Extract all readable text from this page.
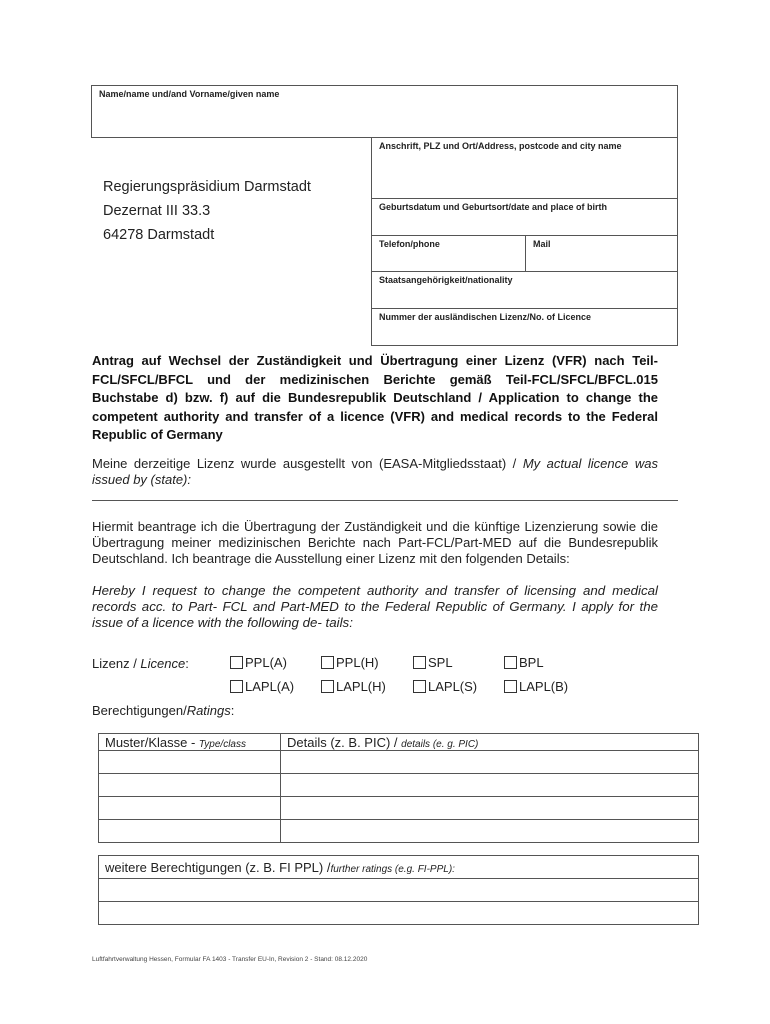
Name/name und/and Vorname/given name
Anschrift, PLZ und Ort/Address, postcode and city name
Geburtsdatum und Geburtsort/date and place of birth
Telefon/phone	Mail
Staatsangehörigkeit/nationality
Nummer der ausländischen Lizenz/No. of Licence
Regierungspräsidium Darmstadt
Dezernat III 33.3
64278 Darmstadt
Antrag auf Wechsel der Zuständigkeit und Übertragung einer Lizenz (VFR) nach Teil-FCL/SFCL/BFCL und der medizinischen Berichte gemäß Teil-FCL/SFCL/BFCL.015 Buchstabe d) bzw. f) auf die Bundesrepublik Deutschland / Application to change the competent authority and transfer of a licence (VFR) and medical records to the Federal Republic of Germany
Meine derzeitige Lizenz wurde ausgestellt von (EASA-Mitgliedsstaat) / My actual licence was issued by (state):
Hiermit beantrage ich die Übertragung der Zuständigkeit und die künftige Lizenzierung sowie die Übertragung meiner medizinischen Berichte nach Part-FCL/Part-MED auf die Bundesrepublik Deutschland. Ich beantrage die Ausstellung einer Lizenz mit den folgenden Details:
Hereby I request to change the competent authority and transfer of licensing and medical records acc. to Part- FCL and Part-MED to the Federal Republic of Germany. I apply for the issue of a licence with the following de- tails:
Lizenz / Licence:	PPL(A)	PPL(H)	SPL	BPL
LAPL(A)	LAPL(H)	LAPL(S)	LAPL(B)
Berechtigungen/Ratings:
Muster/Klasse - Type/class	Details (z. B. PIC) / details (e. g. PIC)

weitere Berechtigungen (z. B. FI PPL) /further ratings (e.g. FI-PPL):

Luftfahrtverwaltung Hessen, Formular FA 1403 - Transfer EU-In, Revision 2 - Stand: 08.12.2020
